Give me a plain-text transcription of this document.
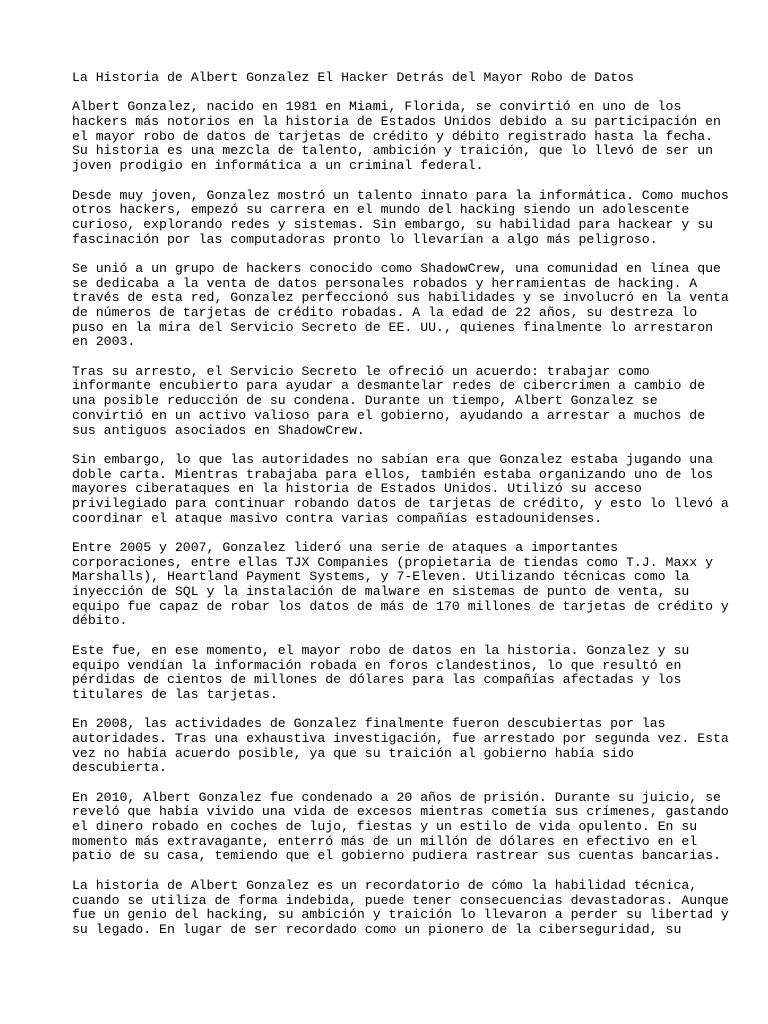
La Historia de Albert Gonzalez El Hacker Detrás del Mayor Robo de Datos
Albert Gonzalez, nacido en 1981 en Miami, Florida, se convirtió en uno de los
hackers más notorios en la historia de Estados Unidos debido a su participación en
el mayor robo de datos de tarjetas de crédito y débito registrado hasta la fecha.
Su historia es una mezcla de talento, ambición y traición, que lo llevó de ser un
joven prodigio en informática a un criminal federal.
Desde muy joven, Gonzalez mostró un talento innato para la informática. Como muchos
otros hackers, empezó su carrera en el mundo del hacking siendo un adolescente
curioso, explorando redes y sistemas. Sin embargo, su habilidad para hackear y su
fascinación por las computadoras pronto lo llevarían a algo más peligroso.
Se unió a un grupo de hackers conocido como ShadowCrew, una comunidad en línea que
se dedicaba a la venta de datos personales robados y herramientas de hacking. A
través de esta red, Gonzalez perfeccionó sus habilidades y se involucró en la venta
de números de tarjetas de crédito robadas. A la edad de 22 años, su destreza lo
puso en la mira del Servicio Secreto de EE. UU., quienes finalmente lo arrestaron
en 2003.
Tras su arresto, el Servicio Secreto le ofreció un acuerdo: trabajar como
informante encubierto para ayudar a desmantelar redes de cibercrimen a cambio de
una posible reducción de su condena. Durante un tiempo, Albert Gonzalez se
convirtió en un activo valioso para el gobierno, ayudando a arrestar a muchos de
sus antiguos asociados en ShadowCrew.
Sin embargo, lo que las autoridades no sabían era que Gonzalez estaba jugando una
doble carta. Mientras trabajaba para ellos, también estaba organizando uno de los
mayores ciberataques en la historia de Estados Unidos. Utilizó su acceso
privilegiado para continuar robando datos de tarjetas de crédito, y esto lo llevó a
coordinar el ataque masivo contra varias compañías estadounidenses.
Entre 2005 y 2007, Gonzalez lideró una serie de ataques a importantes
corporaciones, entre ellas TJX Companies (propietaria de tiendas como T.J. Maxx y
Marshalls), Heartland Payment Systems, y 7-Eleven. Utilizando técnicas como la
inyección de SQL y la instalación de malware en sistemas de punto de venta, su
equipo fue capaz de robar los datos de más de 170 millones de tarjetas de crédito y
débito.
Este fue, en ese momento, el mayor robo de datos en la historia. Gonzalez y su
equipo vendían la información robada en foros clandestinos, lo que resultó en
pérdidas de cientos de millones de dólares para las compañías afectadas y los
titulares de las tarjetas.
En 2008, las actividades de Gonzalez finalmente fueron descubiertas por las
autoridades. Tras una exhaustiva investigación, fue arrestado por segunda vez. Esta
vez no había acuerdo posible, ya que su traición al gobierno había sido
descubierta.
En 2010, Albert Gonzalez fue condenado a 20 años de prisión. Durante su juicio, se
reveló que había vivido una vida de excesos mientras cometía sus crímenes, gastando
el dinero robado en coches de lujo, fiestas y un estilo de vida opulento. En su
momento más extravagante, enterró más de un millón de dólares en efectivo en el
patio de su casa, temiendo que el gobierno pudiera rastrear sus cuentas bancarias.
La historia de Albert Gonzalez es un recordatorio de cómo la habilidad técnica,
cuando se utiliza de forma indebida, puede tener consecuencias devastadoras. Aunque
fue un genio del hacking, su ambición y traición lo llevaron a perder su libertad y
su legado. En lugar de ser recordado como un pionero de la ciberseguridad, su
